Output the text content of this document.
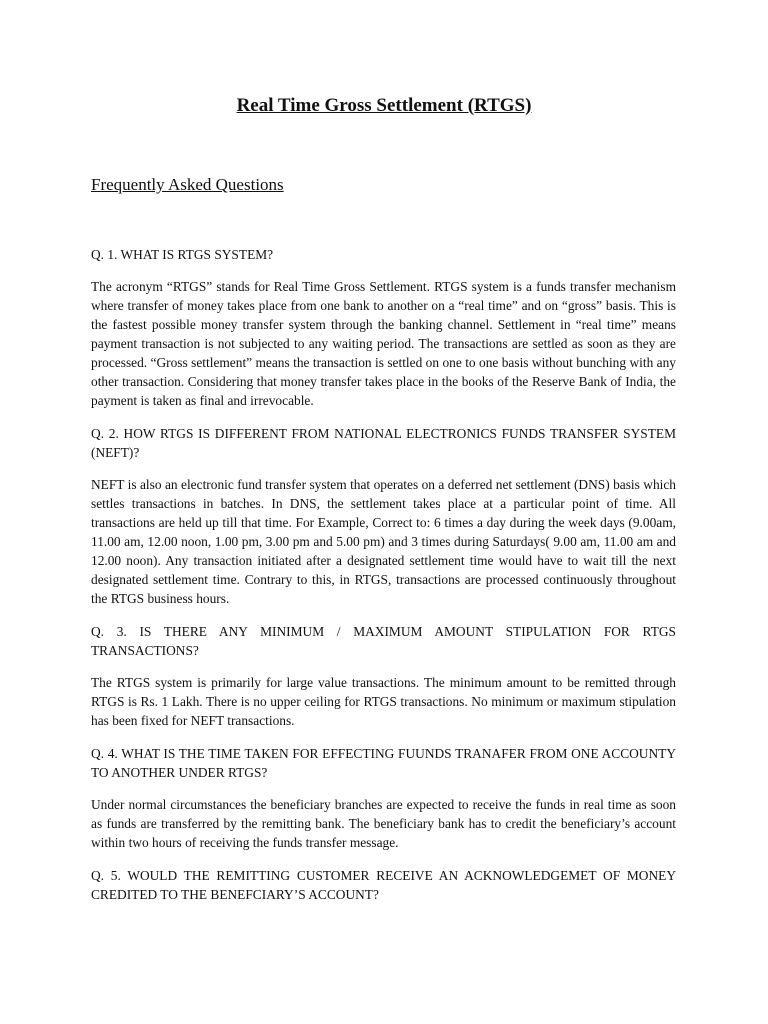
Real Time Gross Settlement (RTGS)
Frequently Asked Questions

Q. 1. WHAT IS RTGS SYSTEM?

The acronym “RTGS” stands for Real Time Gross Settlement. RTGS system is a funds transfer mechanism where transfer of money takes place from one bank to another on a “real time” and on “gross” basis. This is the fastest possible money transfer system through the banking channel. Settlement in “real time” means payment transaction is not subjected to any waiting period. The transactions are settled as soon as they are processed. “Gross settlement” means the transaction is settled on one to one basis without bunching with any other transaction. Considering that money transfer takes place in the books of the Reserve Bank of India, the payment is taken as final and irrevocable.

Q. 2. HOW RTGS IS DIFFERENT FROM NATIONAL ELECTRONICS FUNDS TRANSFER SYSTEM (NEFT)?

NEFT is also an electronic fund transfer system that operates on a deferred net settlement (DNS) basis which settles transactions in batches. In DNS, the settlement takes place at a particular point of time. All transactions are held up till that time. For Example, Correct to: 6 times a day during the week days (9.00am, 11.00 am, 12.00 noon, 1.00 pm, 3.00 pm and 5.00 pm) and 3 times during Saturdays( 9.00 am, 11.00 am and 12.00 noon). Any transaction initiated after a designated settlement time would have to wait till the next designated settlement time. Contrary to this, in RTGS, transactions are processed continuously throughout the RTGS business hours.

Q. 3. IS THERE ANY MINIMUM / MAXIMUM AMOUNT STIPULATION FOR RTGS TRANSACTIONS?

The RTGS system is primarily for large value transactions. The minimum amount to be remitted through RTGS is Rs. 1 Lakh. There is no upper ceiling for RTGS transactions. No minimum or maximum stipulation has been fixed for NEFT transactions.

Q. 4. WHAT IS THE TIME TAKEN FOR EFFECTING FUUNDS TRANAFER FROM ONE ACCOUNTY TO ANOTHER UNDER RTGS?

Under normal circumstances the beneficiary branches are expected to receive the funds in real time as soon as funds are transferred by the remitting bank. The beneficiary bank has to credit the beneficiary’s account within two hours of receiving the funds transfer message.

Q. 5. WOULD THE REMITTING CUSTOMER RECEIVE AN ACKNOWLEDGEMET OF MONEY CREDITED TO THE BENEFCIARY’S ACCOUNT?
